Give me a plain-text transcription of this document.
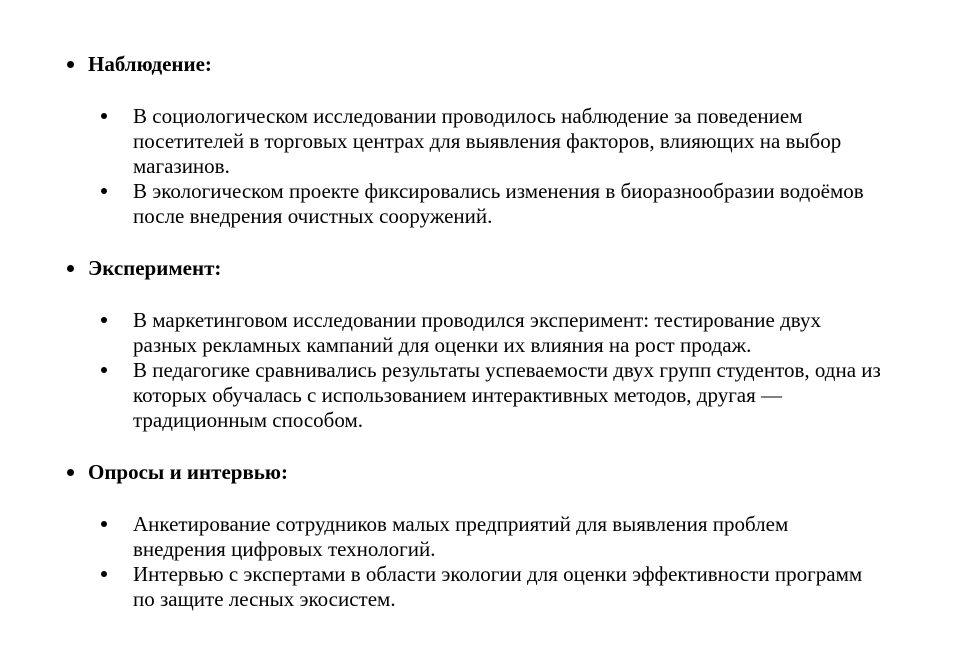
Наблюдение:
В социологическом исследовании проводилось наблюдение за поведением
посетителей в торговых центрах для выявления факторов, влияющих на выбор
магазинов.
В экологическом проекте фиксировались изменения в биоразнообразии водоёмов
после внедрения очистных сооружений.
Эксперимент:
В маркетинговом исследовании проводился эксперимент: тестирование двух
разных рекламных кампаний для оценки их влияния на рост продаж.
В педагогике сравнивались результаты успеваемости двух групп студентов, одна из
которых обучалась с использованием интерактивных методов, другая —
традиционным способом.
Опросы и интервью:
Анкетирование сотрудников малых предприятий для выявления проблем
внедрения цифровых технологий.
Интервью с экспертами в области экологии для оценки эффективности программ
по защите лесных экосистем.
